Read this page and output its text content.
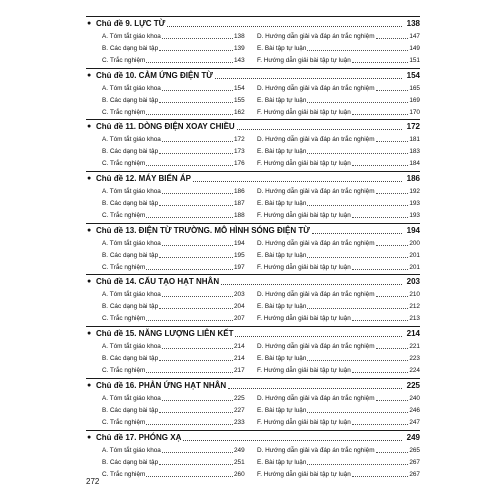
● Chủ đề 9. LỰC TỪ	138
A. Tóm tắt giáo khoa	138 D. Hướng dẫn giải và đáp án trắc nghiệm	147
B. Các dạng bài tập	139 E. Bài tập tự luận	149
C. Trắc nghiệm	143 F. Hướng dẫn giải bài tập tự luận	151
● Chủ đề 10. CẢM ỨNG ĐIỆN TỪ	154
A. Tóm tắt giáo khoa	154 D. Hướng dẫn giải và đáp án trắc nghiệm	165
B. Các dạng bài tập	155 E. Bài tập tự luận	169
C. Trắc nghiệm	162 F. Hướng dẫn giải bài tập tự luận	170
● Chủ đề 11. DÒNG ĐIỆN XOAY CHIỀU	172
A. Tóm tắt giáo khoa	172 D. Hướng dẫn giải và đáp án trắc nghiệm	181
B. Các dạng bài tập	173 E. Bài tập tự luận	183
C. Trắc nghiệm	176 F. Hướng dẫn giải bài tập tự luận	184
● Chủ đề 12. MÁY BIẾN ÁP	186
A. Tóm tắt giáo khoa	186 D. Hướng dẫn giải và đáp án trắc nghiệm	192
B. Các dạng bài tập	187 E. Bài tập tự luận	193
C. Trắc nghiệm	188 F. Hướng dẫn giải bài tập tự luận	193
● Chủ đề 13. ĐIỆN TỪ TRƯỜNG. MÔ HÌNH SÓNG ĐIỆN TỪ	194
A. Tóm tắt giáo khoa	194 D. Hướng dẫn giải và đáp án trắc nghiệm	200
B. Các dạng bài tập	195 E. Bài tập tự luận	201
C. Trắc nghiệm	197 F. Hướng dẫn giải bài tập tự luận	201
● Chủ đề 14. CẤU TẠO HẠT NHÂN	203
A. Tóm tắt giáo khoa	203 D. Hướng dẫn giải và đáp án trắc nghiệm	210
B. Các dạng bài tập	204 E. Bài tập tự luận	212
C. Trắc nghiệm	207 F. Hướng dẫn giải bài tập tự luận	213
● Chủ đề 15. NĂNG LƯỢNG LIÊN KẾT	214
A. Tóm tắt giáo khoa	214 D. Hướng dẫn giải và đáp án trắc nghiệm	221
B. Các dạng bài tập	214 E. Bài tập tự luận	223
C. Trắc nghiệm	217 F. Hướng dẫn giải bài tập tự luận	224
● Chủ đề 16. PHẢN ỨNG HẠT NHÂN	225
A. Tóm tắt giáo khoa	225 D. Hướng dẫn giải và đáp án trắc nghiệm	240
B. Các dạng bài tập	227 E. Bài tập tự luận	246
C. Trắc nghiệm	233 F. Hướng dẫn giải bài tập tự luận	247
● Chủ đề 17. PHÓNG XẠ	249
A. Tóm tắt giáo khoa	249 D. Hướng dẫn giải và đáp án trắc nghiệm	265
B. Các dạng bài tập	251 E. Bài tập tự luận	267
C. Trắc nghiệm	260 F. Hướng dẫn giải bài tập tự luận	267
272
